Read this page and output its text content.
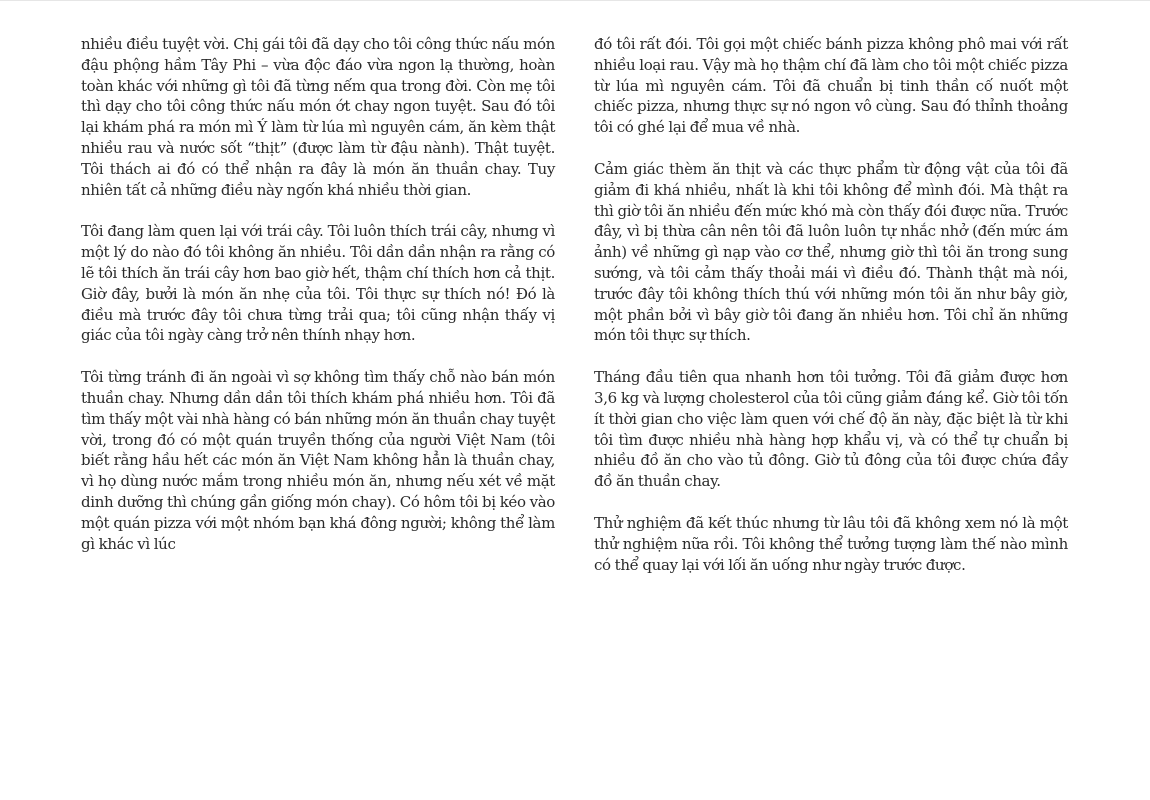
nhiều điều tuyệt vời. Chị gái tôi đã dạy cho tôi công thức nấu món đậu phộng hầm Tây Phi – vừa độc đáo vừa ngon lạ thường, hoàn toàn khác với những gì tôi đã từng nếm qua trong đời. Còn mẹ tôi thì dạy cho tôi công thức nấu món ớt chay ngon tuyệt. Sau đó tôi lại khám phá ra món mì Ý làm từ lúa mì nguyên cám, ăn kèm thật nhiều rau và nước sốt “thịt” (được làm từ đậu nành). Thật tuyệt. Tôi thách ai đó có thể nhận ra đây là món ăn thuần chay. Tuy nhiên tất cả những điều này ngốn khá nhiều thời gian.

Tôi đang làm quen lại với trái cây. Tôi luôn thích trái cây, nhưng vì một lý do nào đó tôi không ăn nhiều. Tôi dần dần nhận ra rằng có lẽ tôi thích ăn trái cây hơn bao giờ hết, thậm chí thích hơn cả thịt. Giờ đây, bưởi là món ăn nhẹ của tôi. Tôi thực sự thích nó! Đó là điều mà trước đây tôi chưa từng trải qua; tôi cũng nhận thấy vị giác của tôi ngày càng trở nên thính nhạy hơn.

Tôi từng tránh đi ăn ngoài vì sợ không tìm thấy chỗ nào bán món thuần chay. Nhưng dần dần tôi thích khám phá nhiều hơn. Tôi đã tìm thấy một vài nhà hàng có bán những món ăn thuần chay tuyệt vời, trong đó có một quán truyền thống của người Việt Nam (tôi biết rằng hầu hết các món ăn Việt Nam không hẳn là thuần chay, vì họ dùng nước mắm trong nhiều món ăn, nhưng nếu xét về mặt dinh dưỡng thì chúng gần giống món chay). Có hôm tôi bị kéo vào một quán pizza với một nhóm bạn khá đông người; không thể làm gì khác vì lúc

đó tôi rất đói. Tôi gọi một chiếc bánh pizza không phô mai với rất nhiều loại rau. Vậy mà họ thậm chí đã làm cho tôi một chiếc pizza từ lúa mì nguyên cám. Tôi đã chuẩn bị tinh thần cố nuốt một chiếc pizza, nhưng thực sự nó ngon vô cùng. Sau đó thỉnh thoảng tôi có ghé lại để mua về nhà.

Cảm giác thèm ăn thịt và các thực phẩm từ động vật của tôi đã giảm đi khá nhiều, nhất là khi tôi không để mình đói. Mà thật ra thì giờ tôi ăn nhiều đến mức khó mà còn thấy đói được nữa. Trước đây, vì bị thừa cân nên tôi đã luôn luôn tự nhắc nhở (đến mức ám ảnh) về những gì nạp vào cơ thể, nhưng giờ thì tôi ăn trong sung sướng, và tôi cảm thấy thoải mái vì điều đó. Thành thật mà nói, trước đây tôi không thích thú với những món tôi ăn như bây giờ, một phần bởi vì bây giờ tôi đang ăn nhiều hơn. Tôi chỉ ăn những món tôi thực sự thích.

Tháng đầu tiên qua nhanh hơn tôi tưởng. Tôi đã giảm được hơn 3,6 kg và lượng cholesterol của tôi cũng giảm đáng kể. Giờ tôi tốn ít thời gian cho việc làm quen với chế độ ăn này, đặc biệt là từ khi tôi tìm được nhiều nhà hàng hợp khẩu vị, và có thể tự chuẩn bị nhiều đồ ăn cho vào tủ đông. Giờ tủ đông của tôi được chứa đầy đồ ăn thuần chay.

Thử nghiệm đã kết thúc nhưng từ lâu tôi đã không xem nó là một thử nghiệm nữa rồi. Tôi không thể tưởng tượng làm thế nào mình có thể quay lại với lối ăn uống như ngày trước được.
